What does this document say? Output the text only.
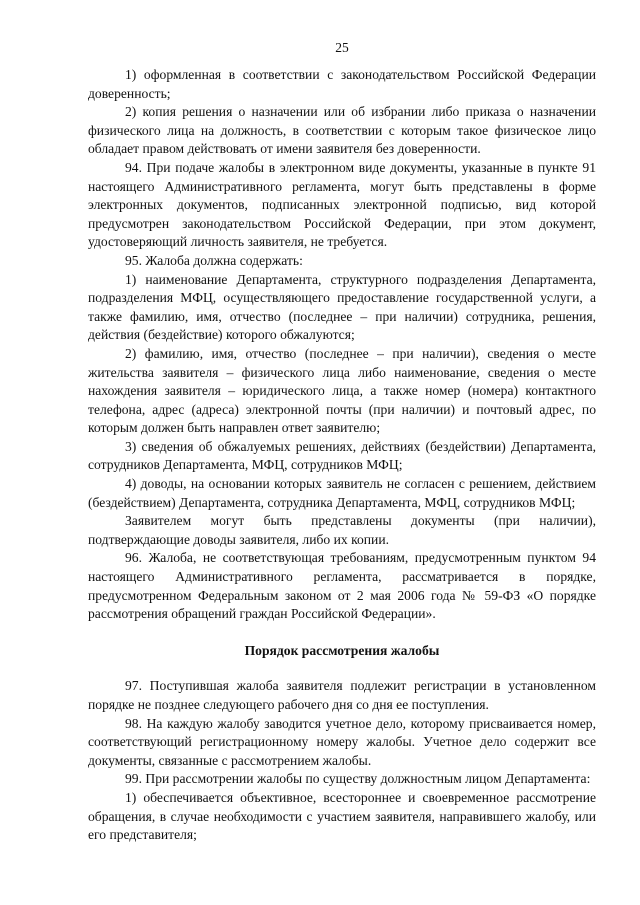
25

1) оформленная в соответствии с законодательством Российской Федерации доверенность;

2) копия решения о назначении или об избрании либо приказа о назначении физического лица на должность, в соответствии с которым такое физическое лицо обладает правом действовать от имени заявителя без доверенности.

94. При подаче жалобы в электронном виде документы, указанные в пункте 91 настоящего Административного регламента, могут быть представлены в форме электронных документов, подписанных электронной подписью, вид которой предусмотрен законодательством Российской Федерации, при этом документ, удостоверяющий личность заявителя, не требуется.

95. Жалоба должна содержать:

1) наименование Департамента, структурного подразделения Департамента, подразделения МФЦ, осуществляющего предоставление государственной услуги, а также фамилию, имя, отчество (последнее – при наличии) сотрудника, решения, действия (бездействие) которого обжалуются;

2) фамилию, имя, отчество (последнее – при наличии), сведения о месте жительства заявителя – физического лица либо наименование, сведения о месте нахождения заявителя – юридического лица, а также номер (номера) контактного телефона, адрес (адреса) электронной почты (при наличии) и почтовый адрес, по которым должен быть направлен ответ заявителю;

3) сведения об обжалуемых решениях, действиях (бездействии) Департамента, сотрудников Департамента, МФЦ, сотрудников МФЦ;

4) доводы, на основании которых заявитель не согласен с решением, действием (бездействием) Департамента, сотрудника Департамента, МФЦ, сотрудников МФЦ;

Заявителем могут быть представлены документы (при наличии), подтверждающие доводы заявителя, либо их копии.

96. Жалоба, не соответствующая требованиям, предусмотренным пунктом 94 настоящего Административного регламента, рассматривается в порядке, предусмотренном Федеральным законом от 2 мая 2006 года № 59-ФЗ «О порядке рассмотрения обращений граждан Российской Федерации».

Порядок рассмотрения жалобы

97. Поступившая жалоба заявителя подлежит регистрации в установленном порядке не позднее следующего рабочего дня со дня ее поступления.

98. На каждую жалобу заводится учетное дело, которому присваивается номер, соответствующий регистрационному номеру жалобы. Учетное дело содержит все документы, связанные с рассмотрением жалобы.

99. При рассмотрении жалобы по существу должностным лицом Департамента:

1) обеспечивается объективное, всестороннее и своевременное рассмотрение обращения, в случае необходимости с участием заявителя, направившего жалобу, или его представителя;
